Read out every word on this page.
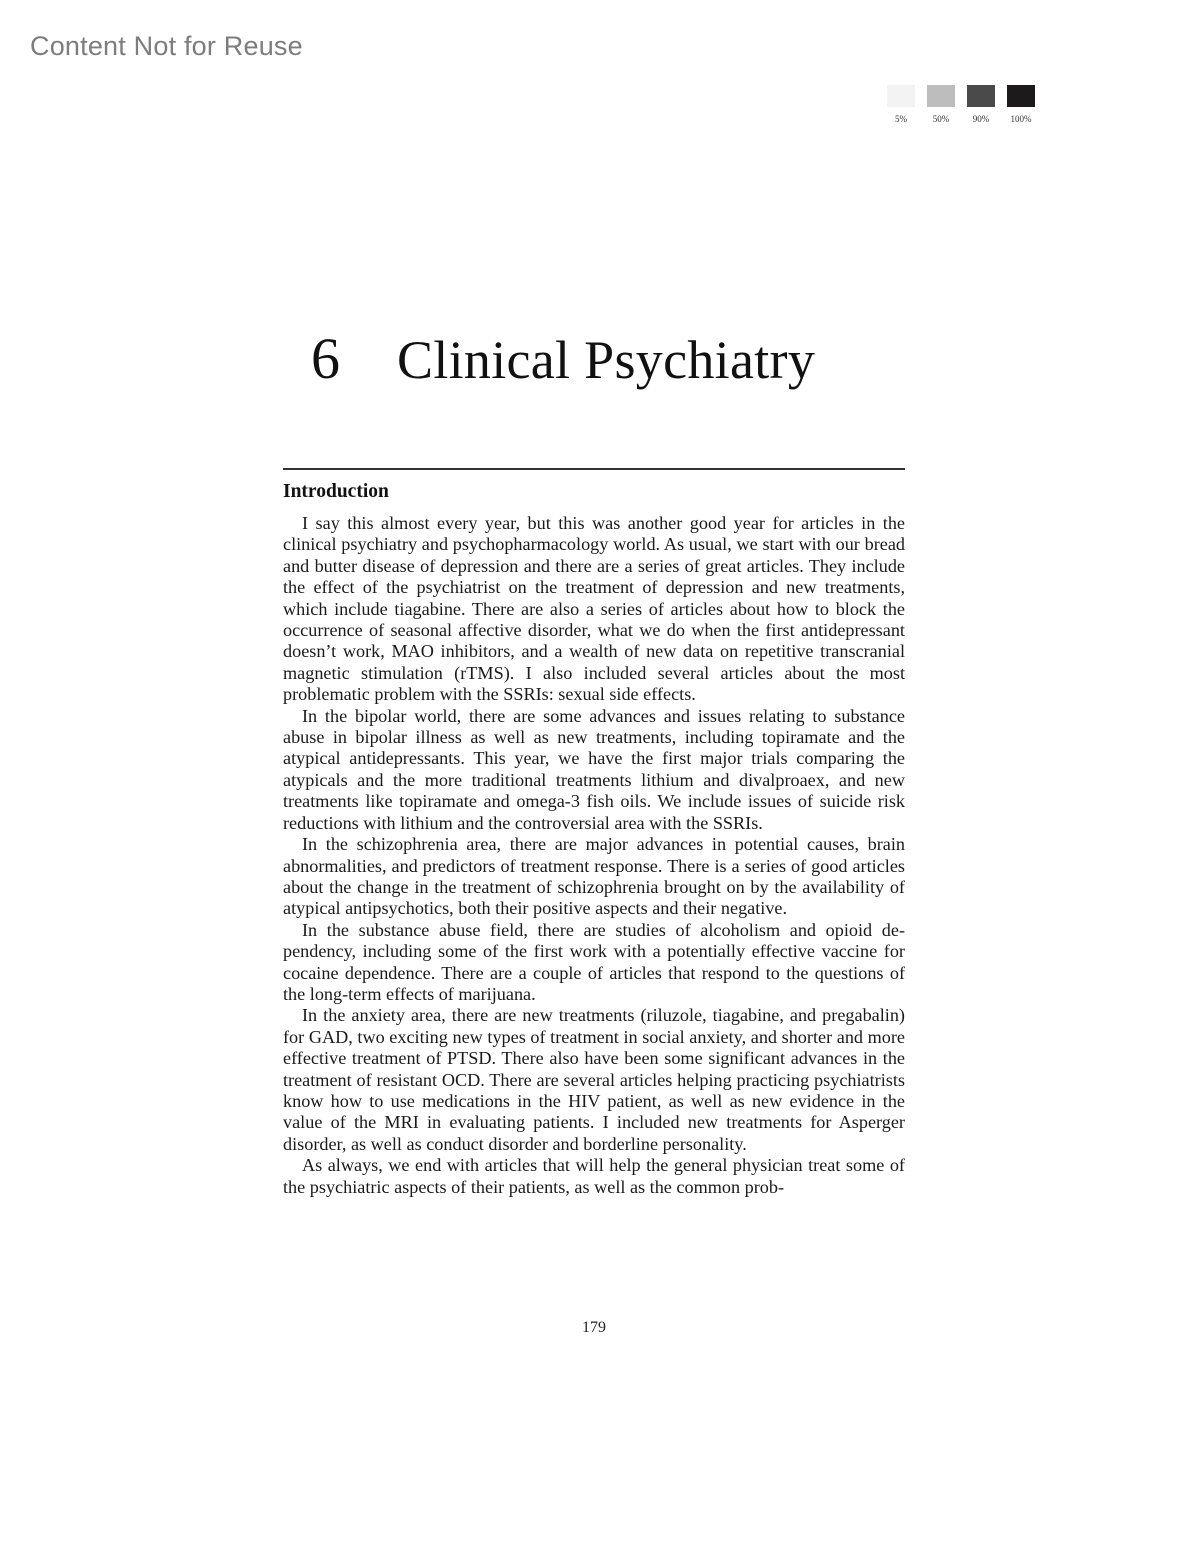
Content Not for Reuse
5%	50%	90% 100%
6	Clinical Psychiatry
Introduction

I say this almost every year, but this was another good year for articles in the clinical psychiatry and psychopharmacology world. As usual, we start with our bread and butter disease of depression and there are a series of great articles. They include the effect of the psychiatrist on the treatment of depression and new treatments, which include tiagabine. There are also a series of articles about how to block the occurrence of seasonal affective disorder, what we do when the first antidepressant doesn’t work, MAO inhibitors, and a wealth of new data on repetitive transcranial magnetic stimulation (rTMS). I also included several articles about the most problematic problem with the SSRIs: sexual side effects.

In the bipolar world, there are some advances and issues relating to substance abuse in bipolar illness as well as new treatments, including topiramate and the atypical antidepressants. This year, we have the first major trials comparing the atypicals and the more traditional treatments lithium and divalproaex, and new treatments like topiramate and omega-3 fish oils. We include issues of suicide risk reductions with lithium and the controversial area with the SSRIs.

In the schizophrenia area, there are major advances in potential causes, brain abnormalities, and predictors of treatment response. There is a series of good articles about the change in the treatment of schizophrenia brought on by the availability of atypical antipsychotics, both their positive aspects and their negative.

In the substance abuse field, there are studies of alcoholism and opioid dependency, including some of the first work with a potentially effective vaccine for cocaine dependence. There are a couple of articles that respond to the questions of the long-term effects of marijuana.

In the anxiety area, there are new treatments (riluzole, tiagabine, and pregabalin) for GAD, two exciting new types of treatment in social anxiety, and shorter and more effective treatment of PTSD. There also have been some significant advances in the treatment of resistant OCD. There are several articles helping practicing psychiatrists know how to use medications in the HIV patient, as well as new evidence in the value of the MRI in evaluating patients. I included new treatments for Asperger disorder, as well as conduct disorder and borderline personality.

As always, we end with articles that will help the general physician treat some of the psychiatric aspects of their patients, as well as the common prob-

179
